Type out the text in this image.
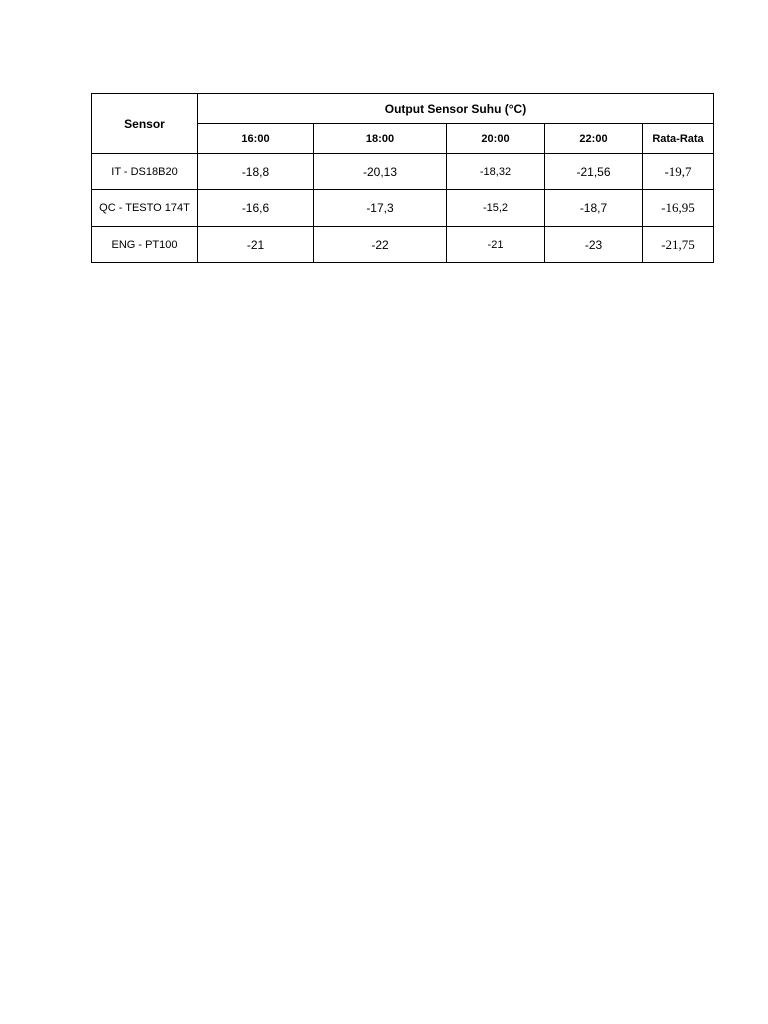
Sensor	Output Sensor Suhu (°C)				
	16:00	18:00	20:00	22:00	Rata-Rata
IT - DS18B20	-18,8	-20,13	-18,32	-21,56	-19,7
QC - TESTO 174T	-16,6	-17,3	-15,2	-18,7	-16,95
ENG - PT100	-21	-22	-21	-23	-21,75
